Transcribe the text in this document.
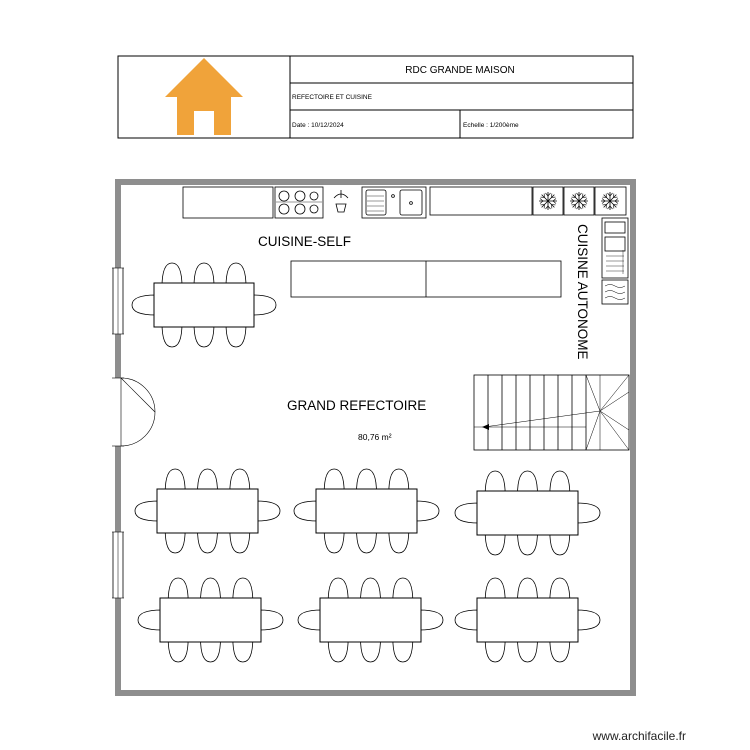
RDC GRANDE MAISON
REFECTOIRE ET CUISINE
Date : 10/12/2024	Echelle : 1/200ème
CUISINE-SELF	CUISINE AUTONOME
GRAND REFECTOIRE
80,76 m²
www.archifacile.fr
